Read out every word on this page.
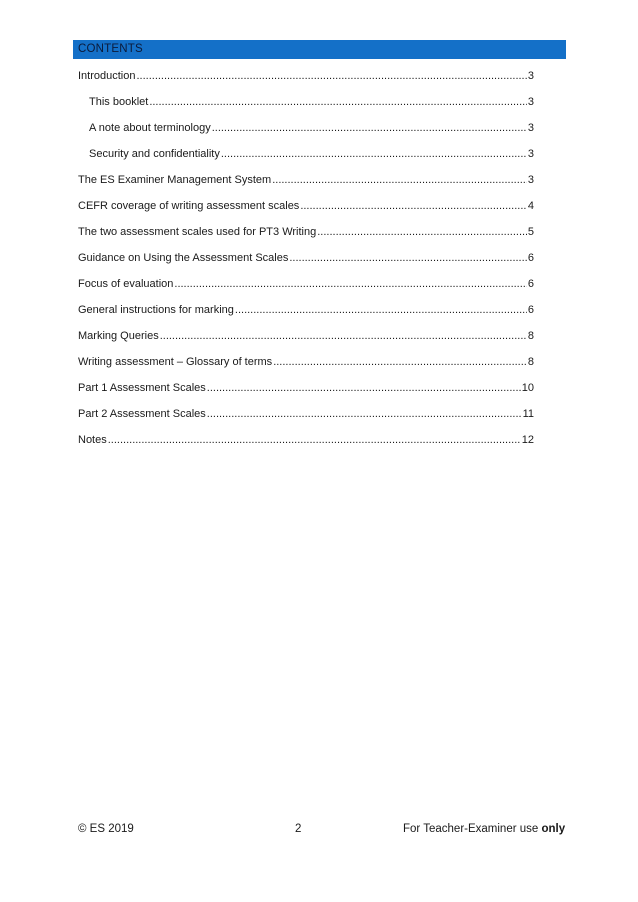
CONTENTS
Introduction .....	3
This booklet .....	3
A note about terminology .....	3
Security and confidentiality .....	3
The ES Examiner Management System .....	3
CEFR coverage of writing assessment scales .....	4
The two assessment scales used for PT3 Writing .....	5
Guidance on Using the Assessment Scales .....	6
Focus of evaluation .....	6
General instructions for marking .....	6
Marking Queries .....	8
Writing assessment – Glossary of terms .....	8
Part 1 Assessment Scales .....	10
Part 2 Assessment Scales .....	11
Notes .....	12
© ES 2019	2	For Teacher-Examiner use only
